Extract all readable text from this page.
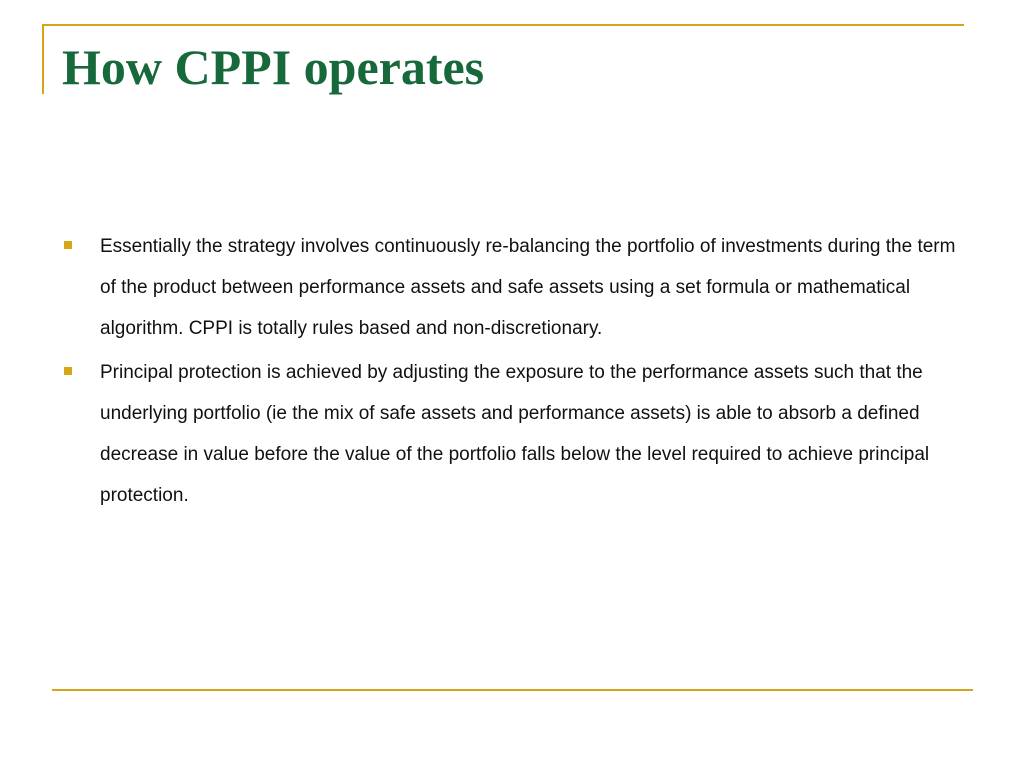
How CPPI operates
Essentially the strategy involves continuously re-balancing the portfolio of investments during the term of the product between performance assets and safe assets using a set formula or mathematical algorithm. CPPI is totally rules based and non-discretionary.
Principal protection is achieved by adjusting the exposure to the performance assets such that the underlying portfolio (ie the mix of safe assets and performance assets) is able to absorb a defined decrease in value before the value of the portfolio falls below the level required to achieve principal protection.
